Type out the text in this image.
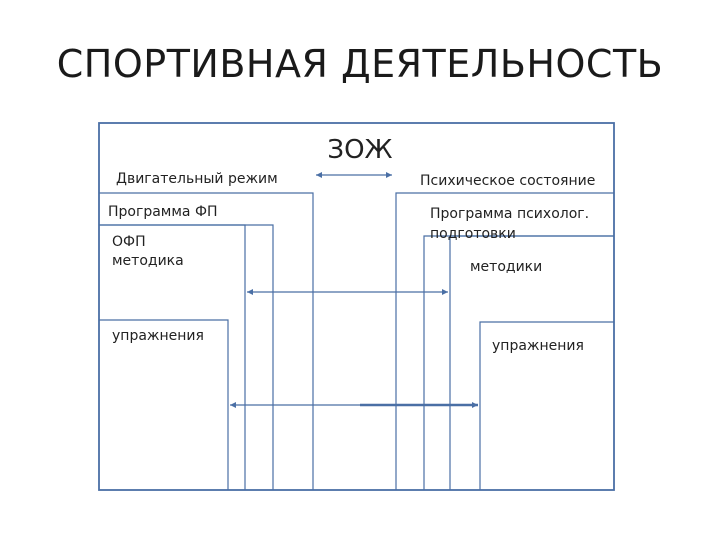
СПОРТИВНАЯ ДЕЯТЕЛЬНОСТЬ
ЗОЖ
Двигательный режим
Программа ФП
ОФП
методика
упражнения
Психическое состояние
Программа психолог.
подготовки
методики
упражнения
